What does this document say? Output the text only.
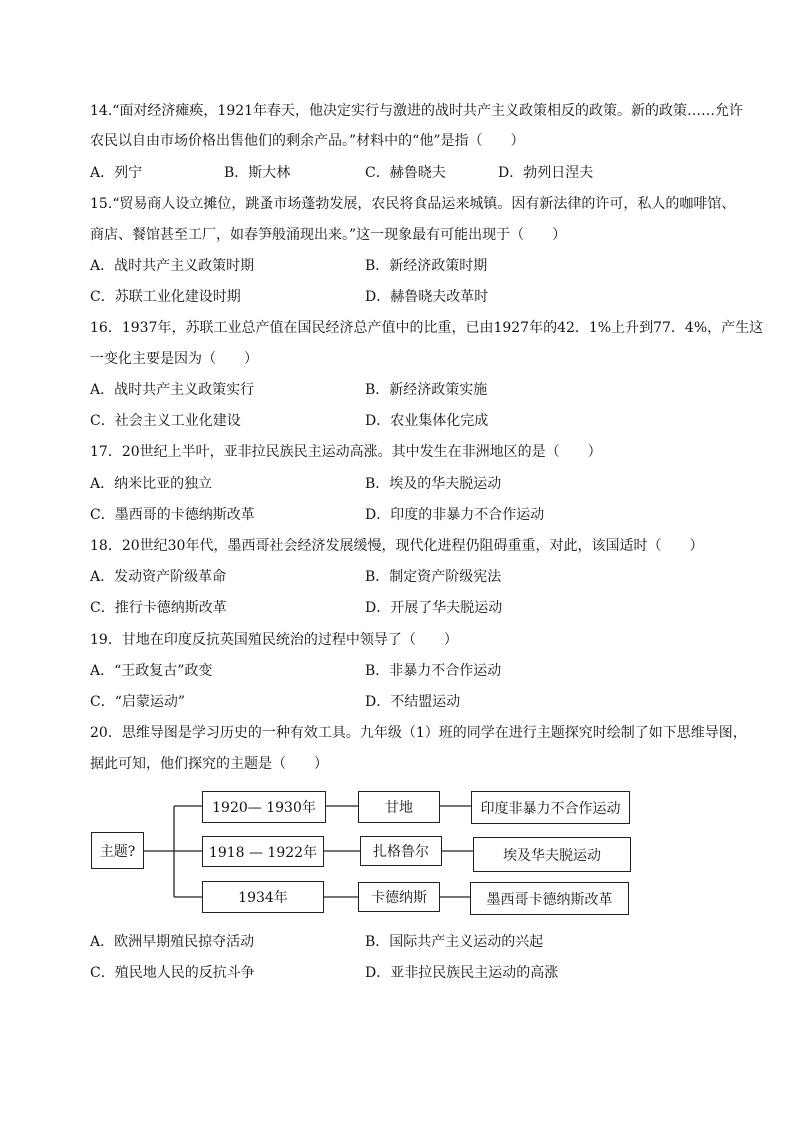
14.“面对经济瘫痪，1921年春天，他决定实行与激进的战时共产主义政策相反的政策。新的政策……允许
农民以自由市场价格出售他们的剩余产品。”材料中的“他”是指（　　）
A．列宁	B．斯大林	C．赫鲁晓夫	D．勃列日涅夫
15.“贸易商人设立摊位，跳蚤市场蓬勃发展，农民将食品运来城镇。因有新法律的许可，私人的咖啡馆、
商店、餐馆甚至工厂，如春笋般涌现出来。”这一现象最有可能出现于（　　）
A．战时共产主义政策时期	B．新经济政策时期
C．苏联工业化建设时期	D．赫鲁晓夫改革时
16．1937年，苏联工业总产值在国民经济总产值中的比重，已由1927年的42．1%上升到77．4%，产生这
一变化主要是因为（　　）
A．战时共产主义政策实行	B．新经济政策实施
C．社会主义工业化建设	D．农业集体化完成
17．20世纪上半叶，亚非拉民族民主运动高涨。其中发生在非洲地区的是（　　）
A．纳米比亚的独立	B．埃及的华夫脱运动
C．墨西哥的卡德纳斯改革	D．印度的非暴力不合作运动
18．20世纪30年代，墨西哥社会经济发展缓慢，现代化进程仍阻碍重重，对此，该国适时（　　）
A．发动资产阶级革命	B．制定资产阶级宪法
C．推行卡德纳斯改革	D．开展了华夫脱运动
19．甘地在印度反抗英国殖民统治的过程中领导了（　　）
A．“王政复古”政变	B．非暴力不合作运动
C．“启蒙运动”	D．不结盟运动
20．思维导图是学习历史的一种有效工具。九年级（1）班的同学在进行主题探究时绘制了如下思维导图，
据此可知，他们探究的主题是（　　）
主题?
1920— 1930年
1918 — 1922年
1934年
甘地
扎格鲁尔
卡德纳斯
印度非暴力不合作运动
埃及华夫脱运动
墨西哥卡德纳斯改革
A．欧洲早期殖民掠夺活动	B．国际共产主义运动的兴起
C．殖民地人民的反抗斗争	D．亚非拉民族民主运动的高涨
